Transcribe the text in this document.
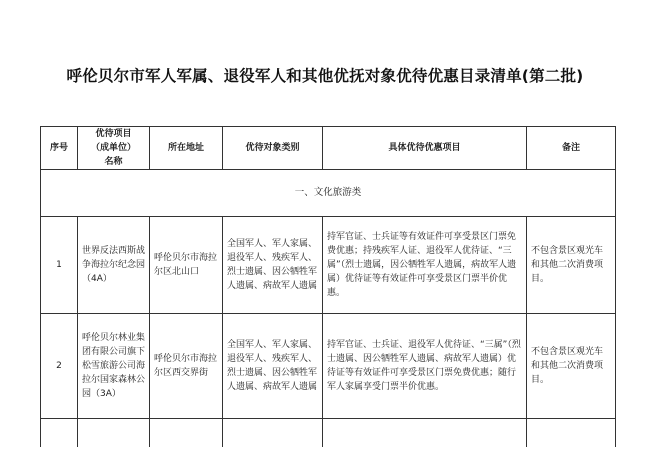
呼伦贝尔市军人军属、退役军人和其他优抚对象优待优惠目录清单(第二批)
序号	优待项目
（成单位）
名称	所在地址	优待对象类别	具体优待优惠项目	备注
一、文化旅游类					
1	世界反法西斯战争海拉尔纪念园（4A）	呼伦贝尔市海拉尔区北山口	全国军人、军人家属、退役军人、残疾军人、烈士遗属、因公牺牲军人遗属、病故军人遗属	持军官证、士兵证等有效证件可享受景区门票免费优惠；持残疾军人证、退役军人优待证、“三属”（烈士遗属，因公牺牲军人遗属，病故军人遗属）优待证等有效证件可享受景区门票半价优惠。	不包含景区观光车和其他二次消费项目。
2	呼伦贝尔林业集团有限公司旗下松雪旅游公司海拉尔国家森林公园（3A）	呼伦贝尔市海拉尔区西交界街	全国军人、军人家属、退役军人、残疾军人、烈士遗属、因公牺牲军人遗属、病故军人遗属	持军官证、士兵证、退役军人优待证、“三属”（烈士遗属、因公牺牲军人遗属、病故军人遗属）优待证等有效证件可享受景区门票免费优惠；随行军人家属享受门票半价优惠。	不包含景区观光车和其他二次消费项目。
